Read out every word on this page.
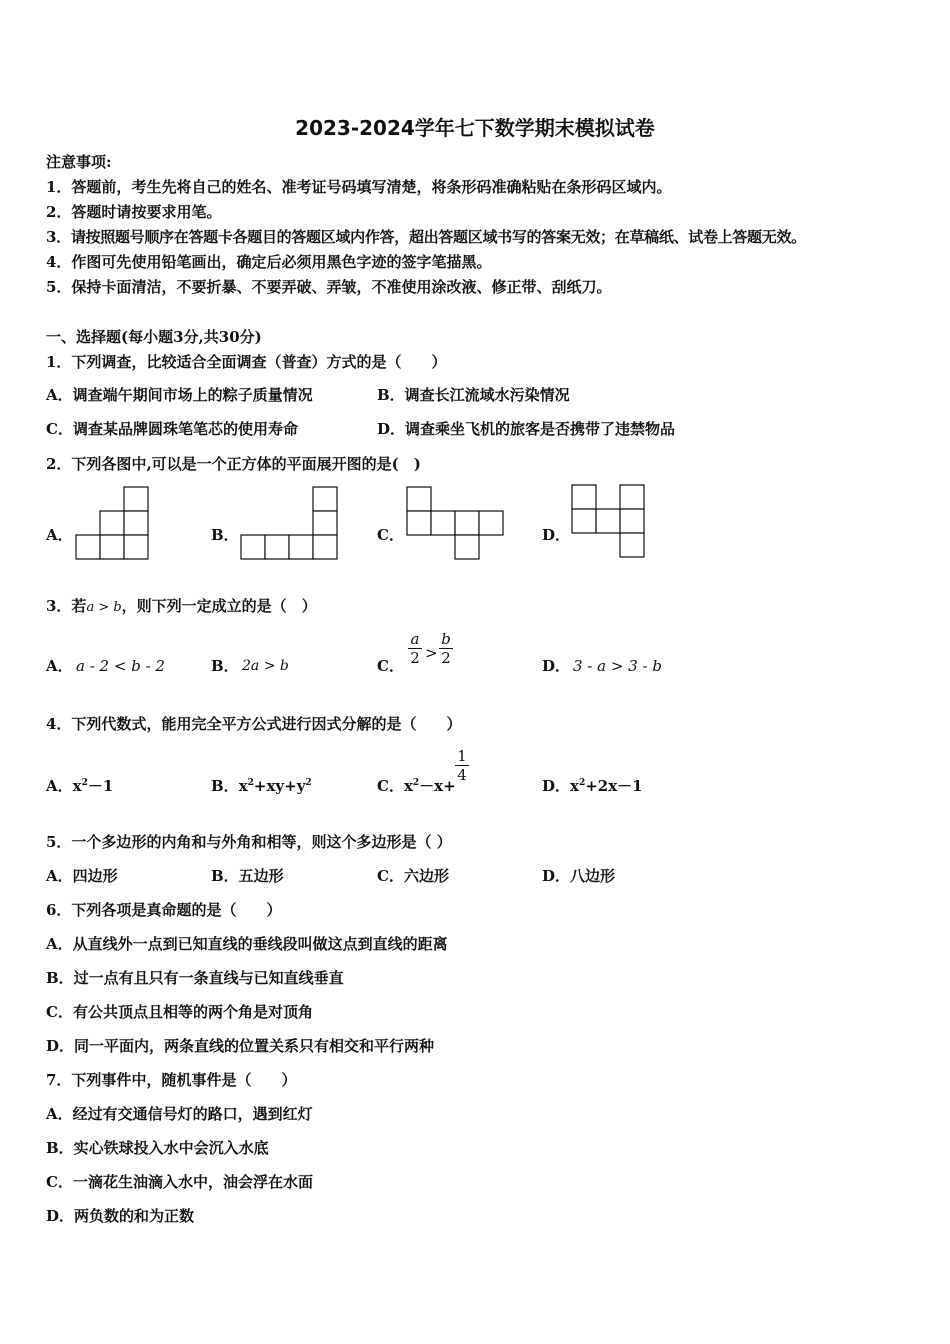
2023-2024学年七下数学期末模拟试卷
注意事项:
1．答题前，考生先将自己的姓名、准考证号码填写清楚，将条形码准确粘贴在条形码区域内。
2．答题时请按要求用笔。
3．请按照题号顺序在答题卡各题目的答题区域内作答，超出答题区域书写的答案无效；在草稿纸、试卷上答题无效。
4．作图可先使用铅笔画出，确定后必须用黑色字迹的签字笔描黑。
5．保持卡面清洁，不要折暴、不要弄破、弄皱，不准使用涂改液、修正带、刮纸刀。
一、选择题(每小题3分,共30分)
1．下列调查，比较适合全面调查（普查）方式的是（　　）
A．调查端午期间市场上的粽子质量情况	B．调查长江流域水污染情况
C．调查某品牌圆珠笔笔芯的使用寿命	D．调查乘坐飞机的旅客是否携带了违禁物品
2．下列各图中,可以是一个正方体的平面展开图的是(　)
A．	B．	C．	D．
3．若a > b，则下列一定成立的是（　）
A． a - 2 < b - 2	B． 2a > b	C．
a
2 >
b
2	D． 3 - a > 3 - b
4．下列代数式，能用完全平方公式进行因式分解的是（　　）
A．$x^2-1$	B．$x^2+xy+y^2$	C．$x^2-x+$
1
4
D．$x^2+2x-1$
5．一个多边形的内角和与外角和相等，则这个多边形是（ ）
A．四边形	B．五边形	C．六边形	D．八边形
6．下列各项是真命题的是（　　）
A．从直线外一点到已知直线的垂线段叫做这点到直线的距离
B．过一点有且只有一条直线与已知直线垂直
C．有公共顶点且相等的两个角是对顶角
D．同一平面内，两条直线的位置关系只有相交和平行两种
7．下列事件中，随机事件是（　　）
A．经过有交通信号灯的路口，遇到红灯
B．实心铁球投入水中会沉入水底
C．一滴花生油滴入水中，油会浮在水面
D．两负数的和为正数
